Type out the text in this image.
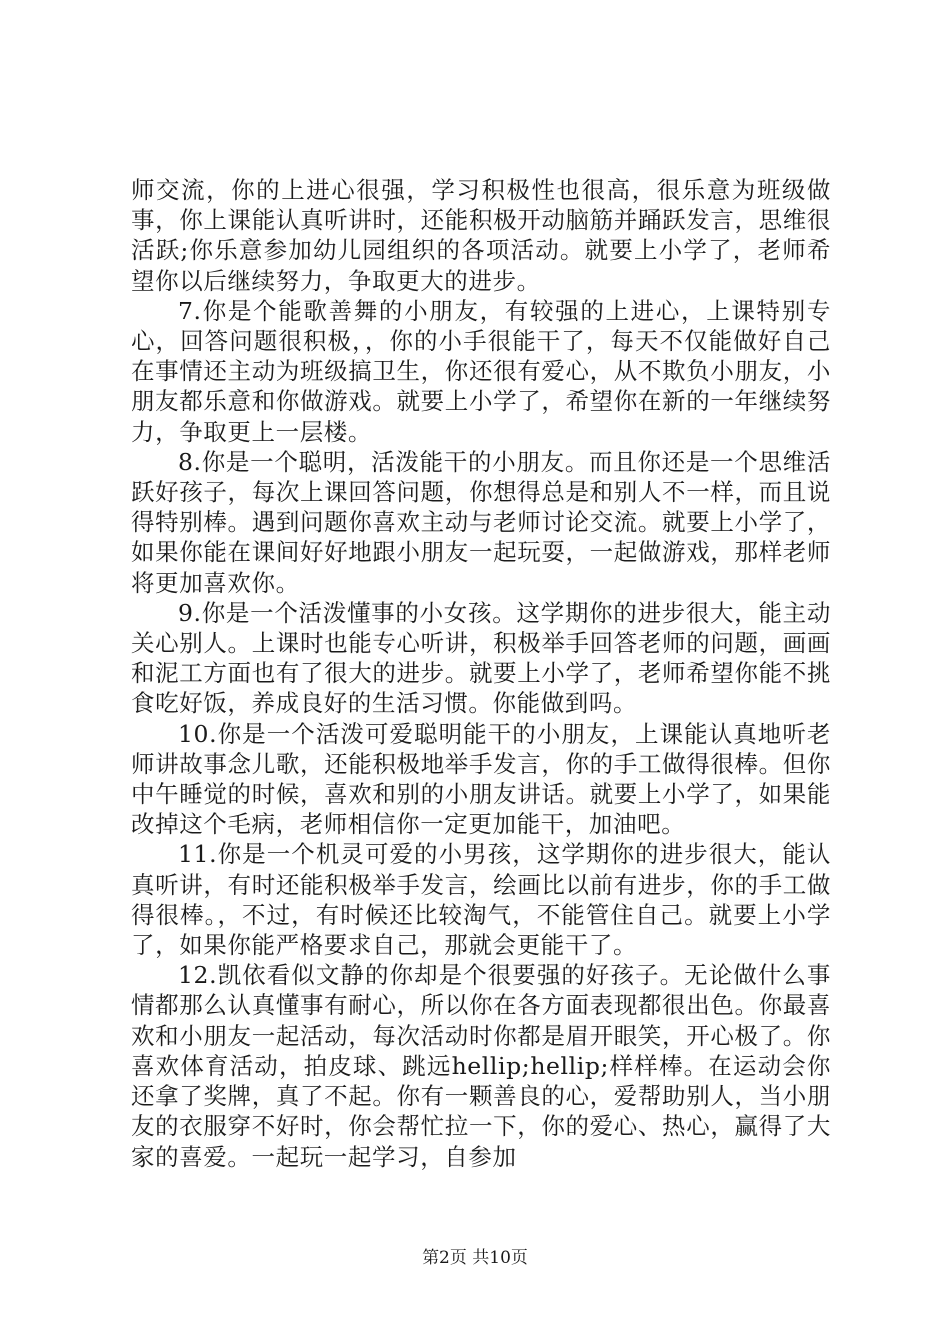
师交流，你的上进心很强，学习积极性也很高，很乐意为班级做事，你上课能认真听讲时，还能积极开动脑筋并踊跃发言，思维很活跃;你乐意参加幼儿园组织的各项活动。就要上小学了，老师希望你以后继续努力，争取更大的进步。

7.你是个能歌善舞的小朋友，有较强的上进心，上课特别专心，回答问题很积极，，你的小手很能干了，每天不仅能做好自己在事情还主动为班级搞卫生，你还很有爱心，从不欺负小朋友，小朋友都乐意和你做游戏。就要上小学了，希望你在新的一年继续努力，争取更上一层楼。

8.你是一个聪明，活泼能干的小朋友。而且你还是一个思维活跃好孩子，每次上课回答问题，你想得总是和别人不一样，而且说得特别棒。遇到问题你喜欢主动与老师讨论交流。就要上小学了，如果你能在课间好好地跟小朋友一起玩耍，一起做游戏，那样老师将更加喜欢你。

9.你是一个活泼懂事的小女孩。这学期你的进步很大，能主动关心别人。上课时也能专心听讲，积极举手回答老师的问题，画画和泥工方面也有了很大的进步。就要上小学了，老师希望你能不挑食吃好饭，养成良好的生活习惯。你能做到吗。

10.你是一个活泼可爱聪明能干的小朋友，上课能认真地听老师讲故事念儿歌，还能积极地举手发言，你的手工做得很棒。但你中午睡觉的时候，喜欢和别的小朋友讲话。就要上小学了，如果能改掉这个毛病，老师相信你一定更加能干，加油吧。

11.你是一个机灵可爱的小男孩，这学期你的进步很大，能认真听讲，有时还能积极举手发言，绘画比以前有进步，你的手工做得很棒。，不过，有时候还比较淘气，不能管住自己。就要上小学了，如果你能严格要求自己，那就会更能干了。

12.凯依看似文静的你却是个很要强的好孩子。无论做什么事情都那么认真懂事有耐心，所以你在各方面表现都很出色。你最喜欢和小朋友一起活动，每次活动时你都是眉开眼笑，开心极了。你喜欢体育活动，拍皮球、跳远hellip;hellip;样样棒。在运动会你还拿了奖牌，真了不起。你有一颗善良的心，爱帮助别人，当小朋友的衣服穿不好时，你会帮忙拉一下，你的爱心、热心，赢得了大家的喜爱。一起玩一起学习，自参加

第2页 共10页
